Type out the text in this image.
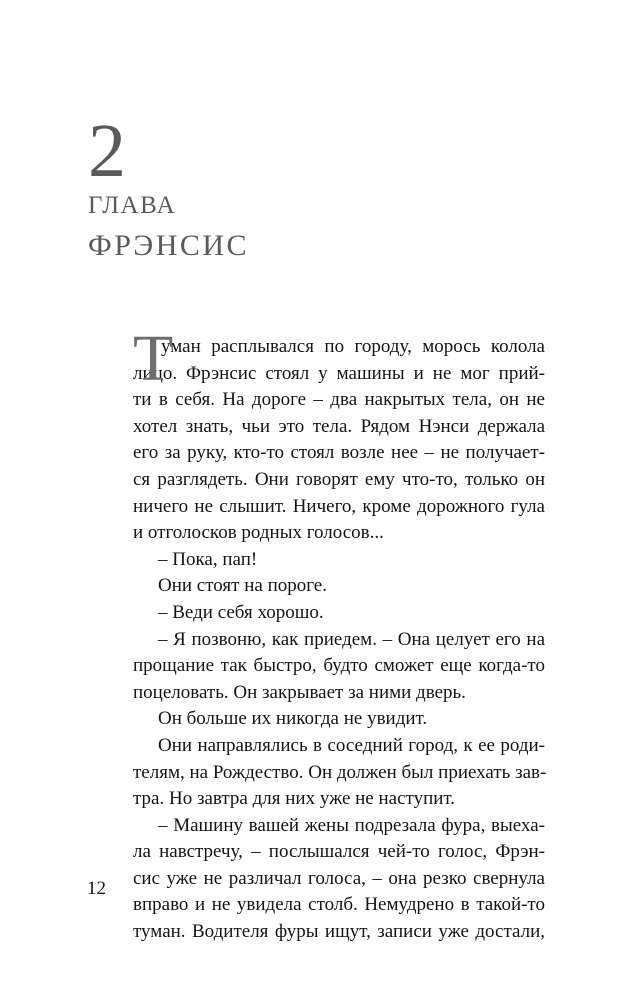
2
ГЛАВА
ФРЭНСИС
Т
уман расплывался по городу, морось колола
лицо. Фрэнсис стоял у машины и не мог прий-
ти в себя. На дороге – два накрытых тела, он не
хотел знать, чьи это тела. Рядом Нэнси держала
его за руку, кто-то стоял возле нее – не получает-
ся разглядеть. Они говорят ему что-то, только он
ничего не слышит. Ничего, кроме дорожного гула
и отголосков родных голосов...
– Пока, пап!
Они стоят на пороге.
– Веди себя хорошо.
– Я позвоню, как приедем. – Она целует его на
прощание так быстро, будто сможет еще когда-то
поцеловать. Он закрывает за ними дверь.
Он больше их никогда не увидит.
Они направлялись в соседний город, к ее роди-
телям, на Рождество. Он должен был приехать зав-
тра. Но завтра для них уже не наступит.
– Машину вашей жены подрезала фура, выеха-
ла навстречу, – послышался чей-то голос, Фрэн-
сис уже не различал голоса, – она резко свернула
вправо и не увидела столб. Немудрено в такой-то
туман. Водителя фуры ищут, записи уже достали,
12
